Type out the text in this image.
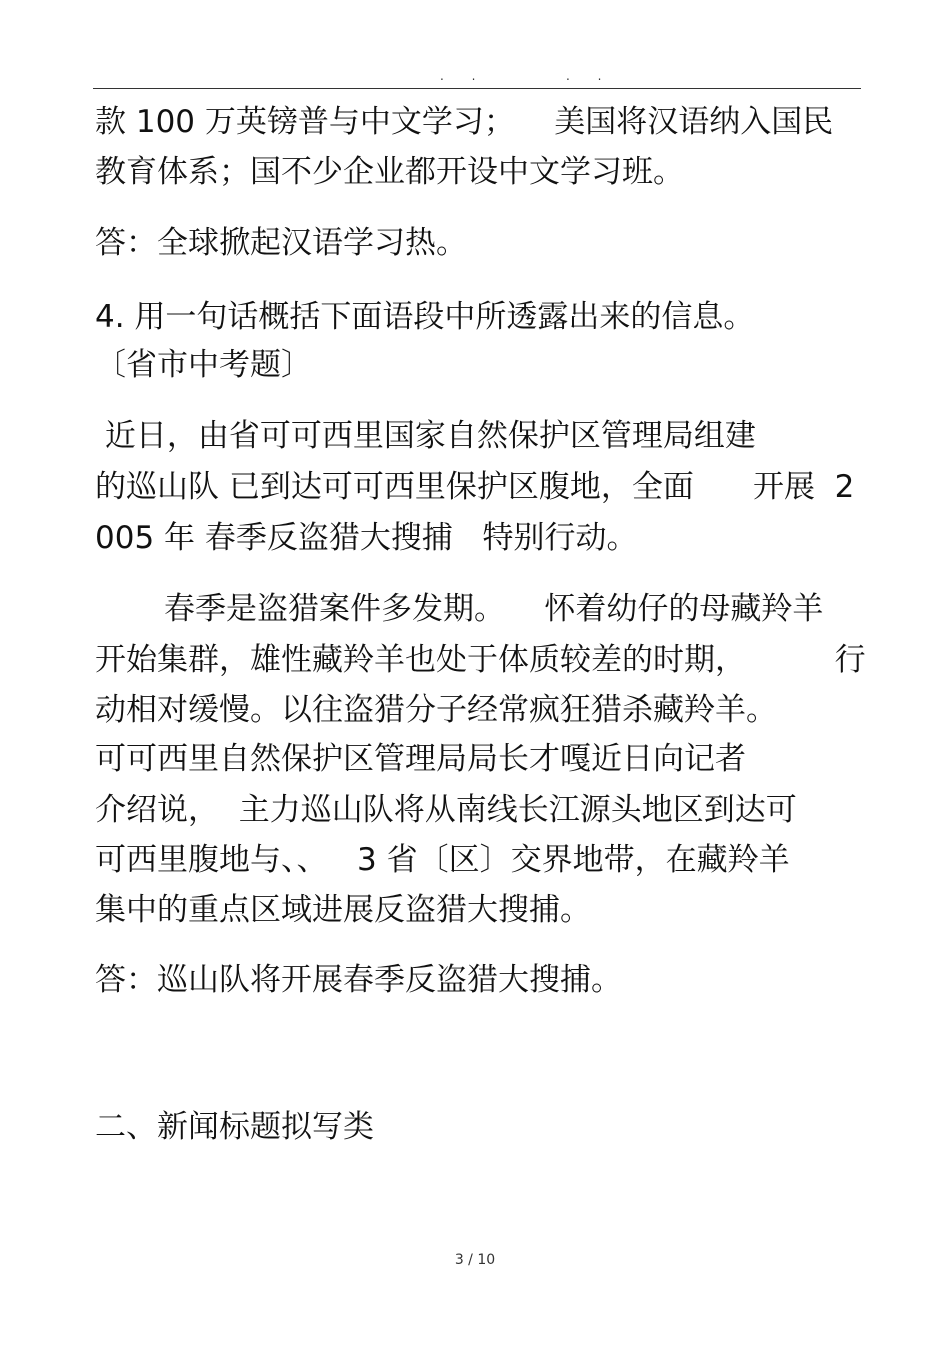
. .	. .
款 100 万英镑普与中文学习；    美国将汉语纳入国民
教育体系；国不少企业都开设中文学习班。
答：全球掀起汉语学习热。
4. 用一句话概括下面语段中所透露出来的信息。
〔省市中考题〕
近日，由省可可西里国家自然保护区管理局组建
的巡山队 已到达可可西里保护区腹地，全面      开展  2
005 年 春季反盗猎大搜捕   特别行动。
春季是盗猎案件多发期。    怀着幼仔的母藏羚羊
开始集群，雄性藏羚羊也处于体质较差的时期，         行
动相对缓慢。以往盗猎分子经常疯狂猎杀藏羚羊。
可可西里自然保护区管理局局长才嘎近日向记者
介绍说，  主力巡山队将从南线长江源头地区到达可
可西里腹地与、、   3 省〔区〕交界地带，在藏羚羊
集中的重点区域进展反盗猎大搜捕。
答：巡山队将开展春季反盗猎大搜捕。
二、新闻标题拟写类
3 / 10
